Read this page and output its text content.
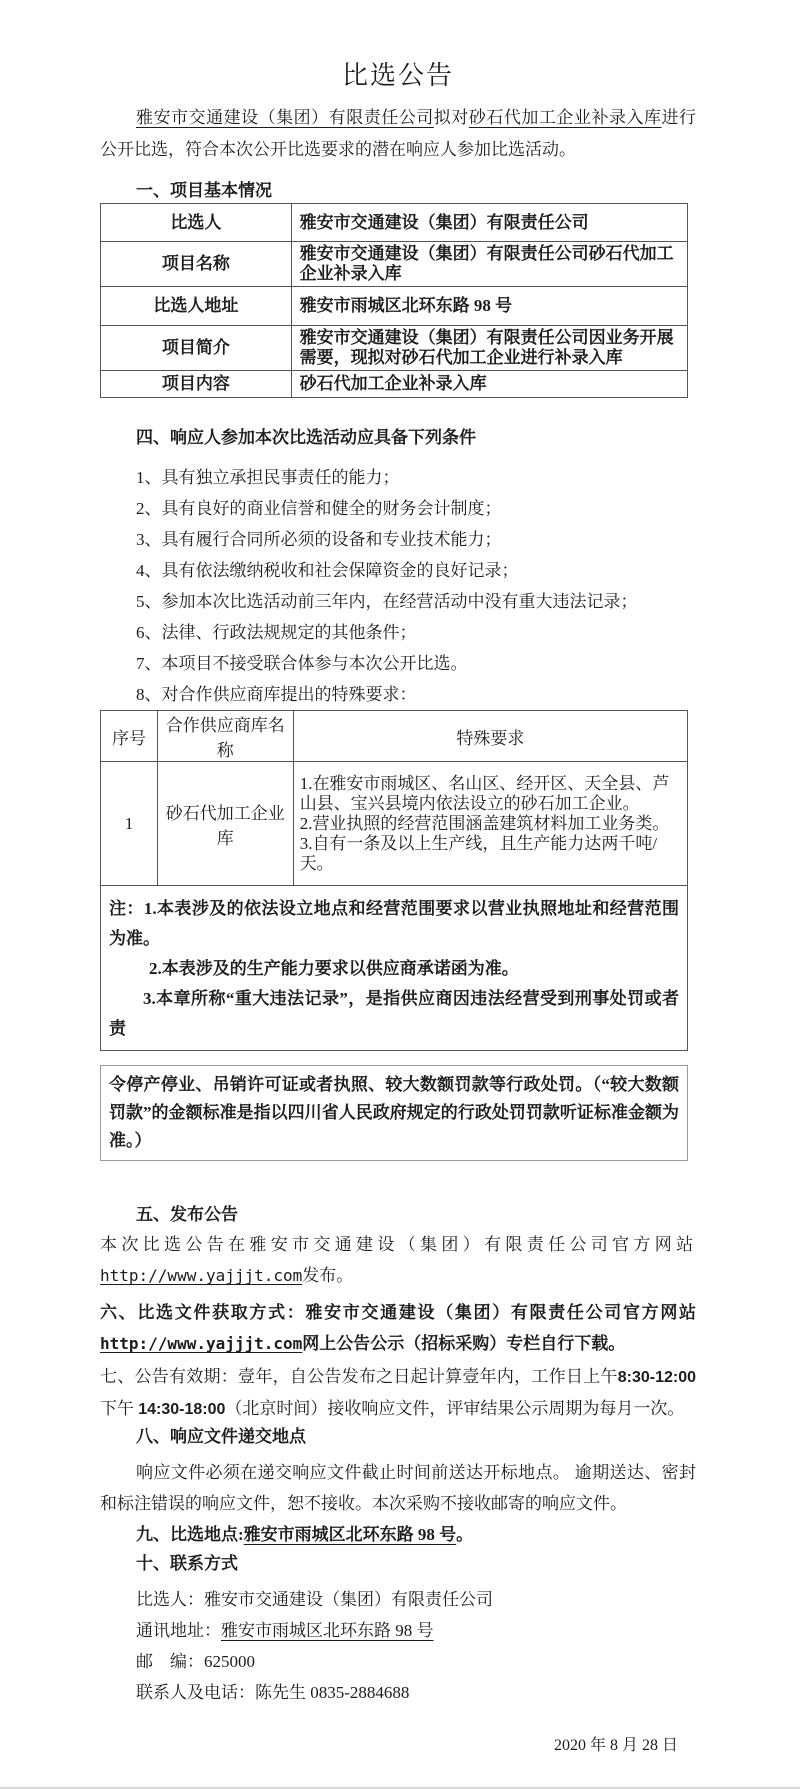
比选公告

雅安市交通建设（集团）有限责任公司拟对砂石代加工企业补录入库进行公开比选，符合本次公开比选要求的潜在响应人参加比选活动。

一、项目基本情况
比选人	雅安市交通建设（集团）有限责任公司
项目名称	雅安市交通建设（集团）有限责任公司砂石代加工企业补录入库
比选人地址	雅安市雨城区北环东路 98 号
项目简介	雅安市交通建设（集团）有限责任公司因业务开展需要，现拟对砂石代加工企业进行补录入库
项目内容	砂石代加工企业补录入库
四、响应人参加本次比选活动应具备下列条件

1、具有独立承担民事责任的能力；

2、具有良好的商业信誉和健全的财务会计制度；

3、具有履行合同所必须的设备和专业技术能力；

4、具有依法缴纳税收和社会保障资金的良好记录；

5、参加本次比选活动前三年内，在经营活动中没有重大违法记录；

6、法律、行政法规规定的其他条件；

7、本项目不接受联合体参与本次公开比选。

8、对合作供应商库提出的特殊要求：

序号	合作供应商库名称	特殊要求
1	砂石代加工企业库	1.在雅安市雨城区、名山区、经开区、天全县、芦山县、宝兴县境内依法设立的砂石加工企业。
2.营业执照的经营范围涵盖建筑材料加工业务类。
3.自有一条及以上生产线，且生产能力达两千吨/天。

注：1.本表涉及的依法设立地点和经营范围要求以营业执照地址和经营范围为准。

2.本表涉及的生产能力要求以供应商承诺函为准。

3.本章所称“重大违法记录”，是指供应商因违法经营受到刑事处罚或者责		

令停产停业、吊销许可证或者执照、较大数额罚款等行政处罚。（“较大数额罚款”的金额标准是指以四川省人民政府规定的行政处罚罚款听证标准金额为准。）
五、发布公告

本次比选公告在雅安市交通建设（集团）有限责任公司官方网站http://www.yajjjt.com发布。

六、比选文件获取方式：雅安市交通建设（集团）有限责任公司官方网站http://www.yajjjt.com网上公告公示（招标采购）专栏自行下载。

七、公告有效期：壹年，自公告发布之日起计算壹年内，工作日上午8:30-12:00 下午 14:30-18:00（北京时间）接收响应文件，评审结果公示周期为每月一次。

八、响应文件递交地点

响应文件必须在递交响应文件截止时间前送达开标地点。 逾期送达、密封和标注错误的响应文件，恕不接收。本次采购不接收邮寄的响应文件。

九、比选地点:雅安市雨城区北环东路 98 号。

十、联系方式

比选人：雅安市交通建设（集团）有限责任公司

通讯地址：雅安市雨城区北环东路 98 号

邮　编：625000

联系人及电话：陈先生 0835-2884688

2020 年 8 月 28 日
